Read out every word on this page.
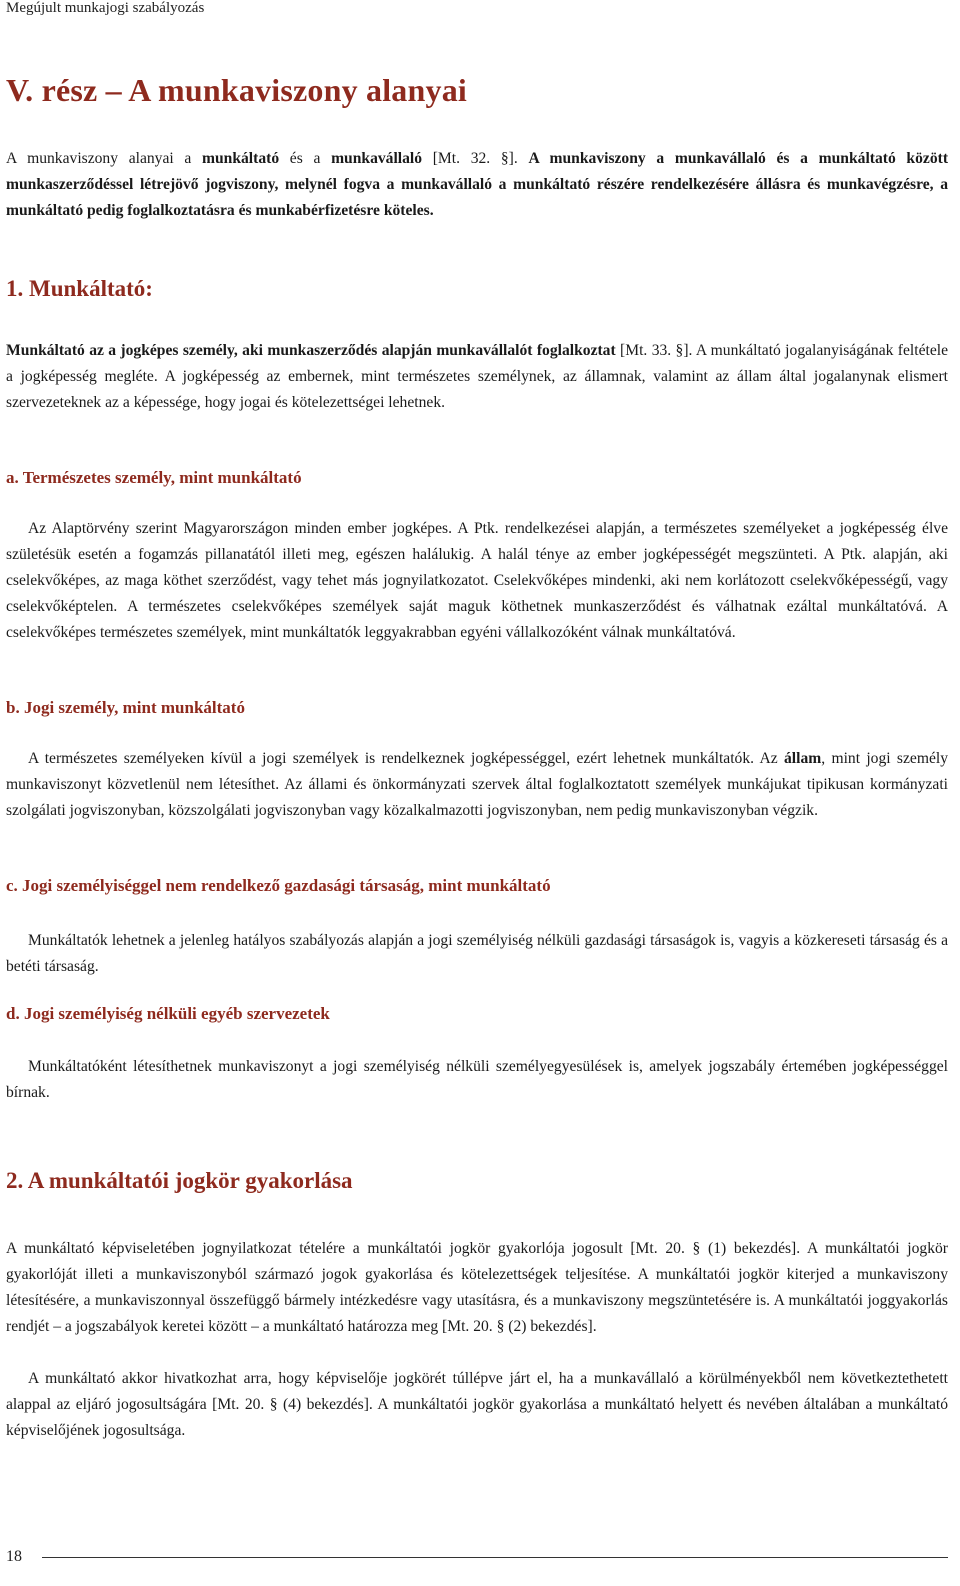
Megújult munkajogi szabályozás
V. rész – A munkaviszony alanyai

A munkaviszony alanyai a munkáltató és a munkavállaló [Mt. 32. §]. A munkaviszony a munkavállaló és a munkáltató között munkaszerződéssel létrejövő jogviszony, melynél fogva a munkavállaló a munkáltató részére rendelkezésére állásra és munkavégzésre, a munkáltató pedig foglalkoztatásra és munkabérfizetésre köteles.

1. Munkáltató:

Munkáltató az a jogképes személy, aki munkaszerződés alapján munkavállalót foglalkoztat [Mt. 33. §]. A munkáltató jogalanyiságának feltétele a jogképesség megléte. A jogképesség az embernek, mint természetes személynek, az államnak, valamint az állam által jogalanynak elismert szervezeteknek az a képessége, hogy jogai és kötelezettségei lehetnek.

a. Természetes személy, mint munkáltató

Az Alaptörvény szerint Magyarországon minden ember jogképes. A Ptk. rendelkezései alapján, a természetes személyeket a jogképesség élve születésük esetén a fogamzás pillanatától illeti meg, egészen halálukig. A halál ténye az ember jogképességét megszünteti. A Ptk. alapján, aki cselekvőképes, az maga köthet szerződést, vagy tehet más jognyilatkozatot. Cselekvőképes mindenki, aki nem korlátozott cselekvőképességű, vagy cselekvőképtelen. A természetes cselekvőképes személyek saját maguk köthetnek munkaszerződést és válhatnak ezáltal munkáltatóvá. A cselekvőképes természetes személyek, mint munkáltatók leggyakrabban egyéni vállalkozóként válnak munkáltatóvá.

b. Jogi személy, mint munkáltató

A természetes személyeken kívül a jogi személyek is rendelkeznek jogképességgel, ezért lehetnek munkáltatók. Az állam, mint jogi személy munkaviszonyt közvetlenül nem létesíthet. Az állami és önkormányzati szervek által foglalkoztatott személyek munkájukat tipikusan kormányzati szolgálati jogviszonyban, közszolgálati jogviszonyban vagy közalkalmazotti jogviszonyban, nem pedig munkaviszonyban végzik.

c. Jogi személyiséggel nem rendelkező gazdasági társaság, mint munkáltató

Munkáltatók lehetnek a jelenleg hatályos szabályozás alapján a jogi személyiség nélküli gazdasági társaságok is, vagyis a közkereseti társaság és a betéti társaság.

d. Jogi személyiség nélküli egyéb szervezetek

Munkáltatóként létesíthetnek munkaviszonyt a jogi személyiség nélküli személyegyesülések is, amelyek jogszabály értemében jogképességgel bírnak.

2. A munkáltatói jogkör gyakorlása

A munkáltató képviseletében jognyilatkozat tételére a munkáltatói jogkör gyakorlója jogosult [Mt. 20. § (1) bekezdés]. A munkáltatói jogkör gyakorlóját illeti a munkaviszonyból származó jogok gyakorlása és kötelezettségek teljesítése. A munkáltatói jogkör kiterjed a munkaviszony létesítésére, a munkaviszonnyal összefüggő bármely intézkedésre vagy utasításra, és a munkaviszony megszüntetésére is. A munkáltatói joggyakorlás rendjét – a jogszabályok keretei között – a munkáltató határozza meg [Mt. 20. § (2) bekezdés].

A munkáltató akkor hivatkozhat arra, hogy képviselője jogkörét túllépve járt el, ha a munkavállaló a körülményekből nem következtethetett alappal az eljáró jogosultságára [Mt. 20. § (4) bekezdés]. A munkáltatói jogkör gyakorlása a munkáltató helyett és nevében általában a munkáltató képviselőjének jogosultsága.

18
